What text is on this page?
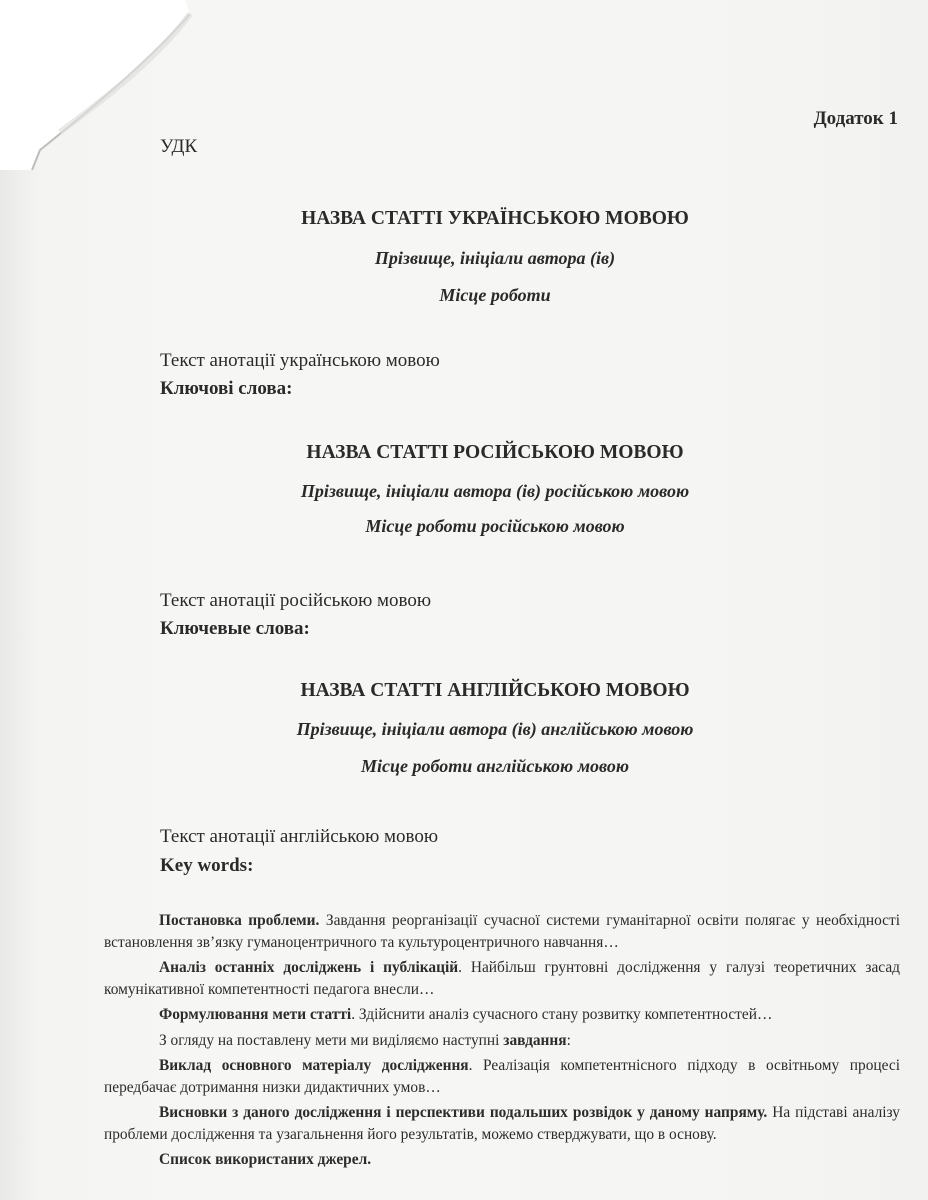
Додаток 1
УДК
НАЗВА СТАТТІ УКРАЇНСЬКОЮ МОВОЮ
Прізвище, ініціали автора (ів)
Місце роботи
Текст анотації українською мовою
Ключові слова:
НАЗВА СТАТТІ РОСІЙСЬКОЮ МОВОЮ
Прізвище, ініціали автора (ів) російською мовою
Місце роботи російською мовою
Текст анотації російською мовою
Ключевые слова:
НАЗВА СТАТТІ АНГЛІЙСЬКОЮ МОВОЮ
Прізвище, ініціали автора (ів) англійською мовою
Місце роботи англійською мовою
Текст анотації англійською мовою
Key words:

Постановка проблеми. Завдання реорганізації сучасної системи гуманітарної освіти полягає у необхідності встановлення зв’язку гуманоцентричного та культуроцентричного навчання…

Аналіз останніх досліджень і публікацій. Найбільш грунтовні дослідження у галузі теоретичних засад комунікативної компетентності педагога внесли…

Формулювання мети статті. Здійснити аналіз сучасного стану розвитку компетентностей…

З огляду на поставлену мети ми виділяємо наступні завдання:

Виклад основного матеріалу дослідження. Реалізація компетентнісного підходу в освітньому процесі передбачає дотримання низки дидактичних умов…

Висновки з даного дослідження і перспективи подальших розвідок у даному напряму. На підставі аналізу проблеми дослідження та узагальнення його результатів, можемо стверджувати, що в основу.

Список використаних джерел.
